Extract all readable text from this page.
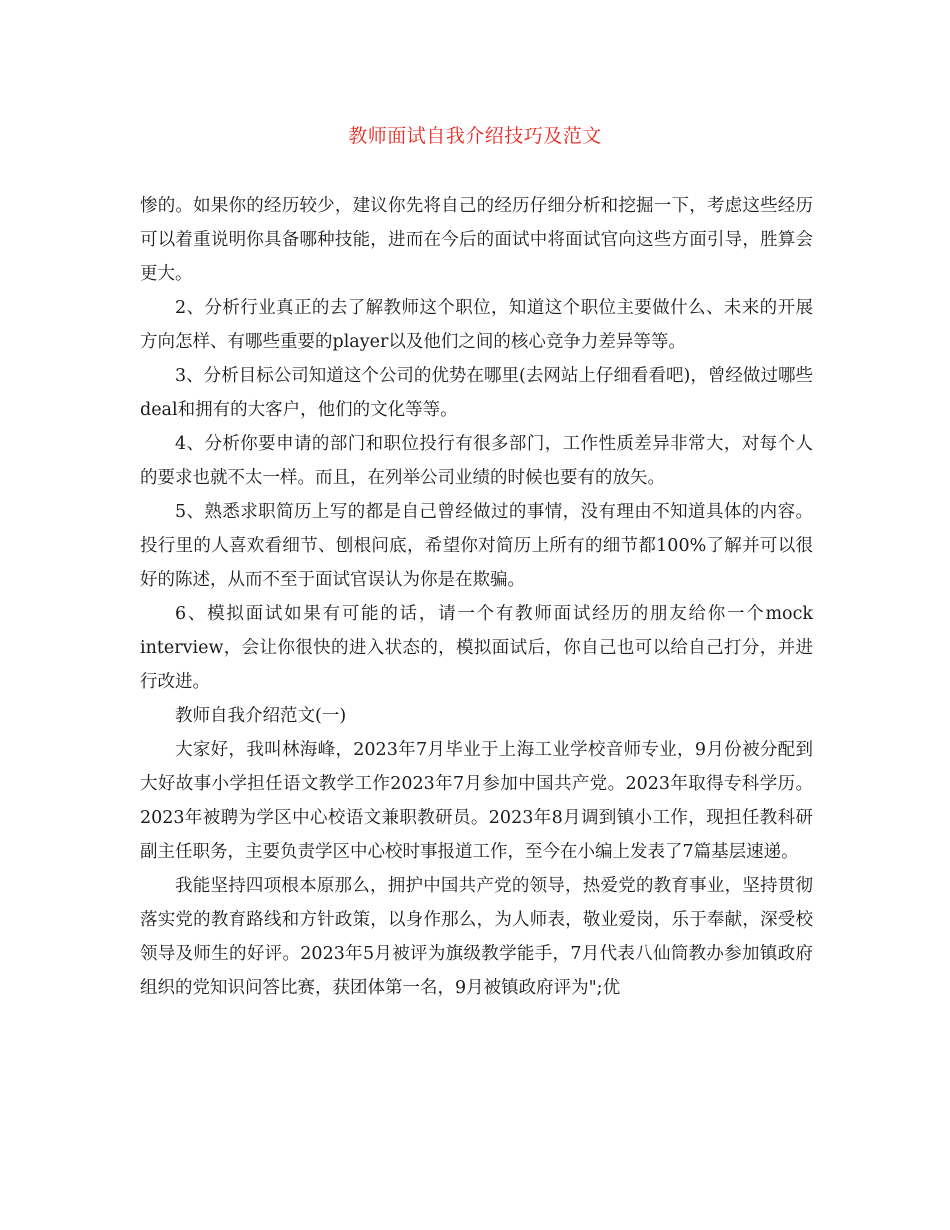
教师面试自我介绍技巧及范文

惨的。如果你的经历较少，建议你先将自己的经历仔细分析和挖掘一下，考虑这些经历可以着重说明你具备哪种技能，进而在今后的面试中将面试官向这些方面引导，胜算会更大。

2、分析行业真正的去了解教师这个职位，知道这个职位主要做什么、未来的开展方向怎样、有哪些重要的player以及他们之间的核心竞争力差异等等。

3、分析目标公司知道这个公司的优势在哪里(去网站上仔细看看吧)，曾经做过哪些deal和拥有的大客户，他们的文化等等。

4、分析你要申请的部门和职位投行有很多部门，工作性质差异非常大，对每个人的要求也就不太一样。而且，在列举公司业绩的时候也要有的放矢。

5、熟悉求职简历上写的都是自己曾经做过的事情，没有理由不知道具体的内容。投行里的人喜欢看细节、刨根问底，希望你对简历上所有的细节都100%了解并可以很好的陈述，从而不至于面试官误认为你是在欺骗。

6、模拟面试如果有可能的话，请一个有教师面试经历的朋友给你一个mock interview，会让你很快的进入状态的，模拟面试后，你自己也可以给自己打分，并进行改进。

教师自我介绍范文(一)

大家好，我叫林海峰，2023年7月毕业于上海工业学校音师专业，9月份被分配到大好故事小学担任语文教学工作2023年7月参加中国共产党。2023年取得专科学历。2023年被聘为学区中心校语文兼职教研员。2023年8月调到镇小工作，现担任教科研副主任职务，主要负责学区中心校时事报道工作，至今在小编上发表了7篇基层速递。

我能坚持四项根本原那么，拥护中国共产党的领导，热爱党的教育事业，坚持贯彻落实党的教育路线和方针政策，以身作那么，为人师表，敬业爱岗，乐于奉献，深受校领导及师生的好评。2023年5月被评为旗级教学能手，7月代表八仙筒教办参加镇政府组织的党知识问答比赛，获团体第一名，9月被镇政府评为";优
